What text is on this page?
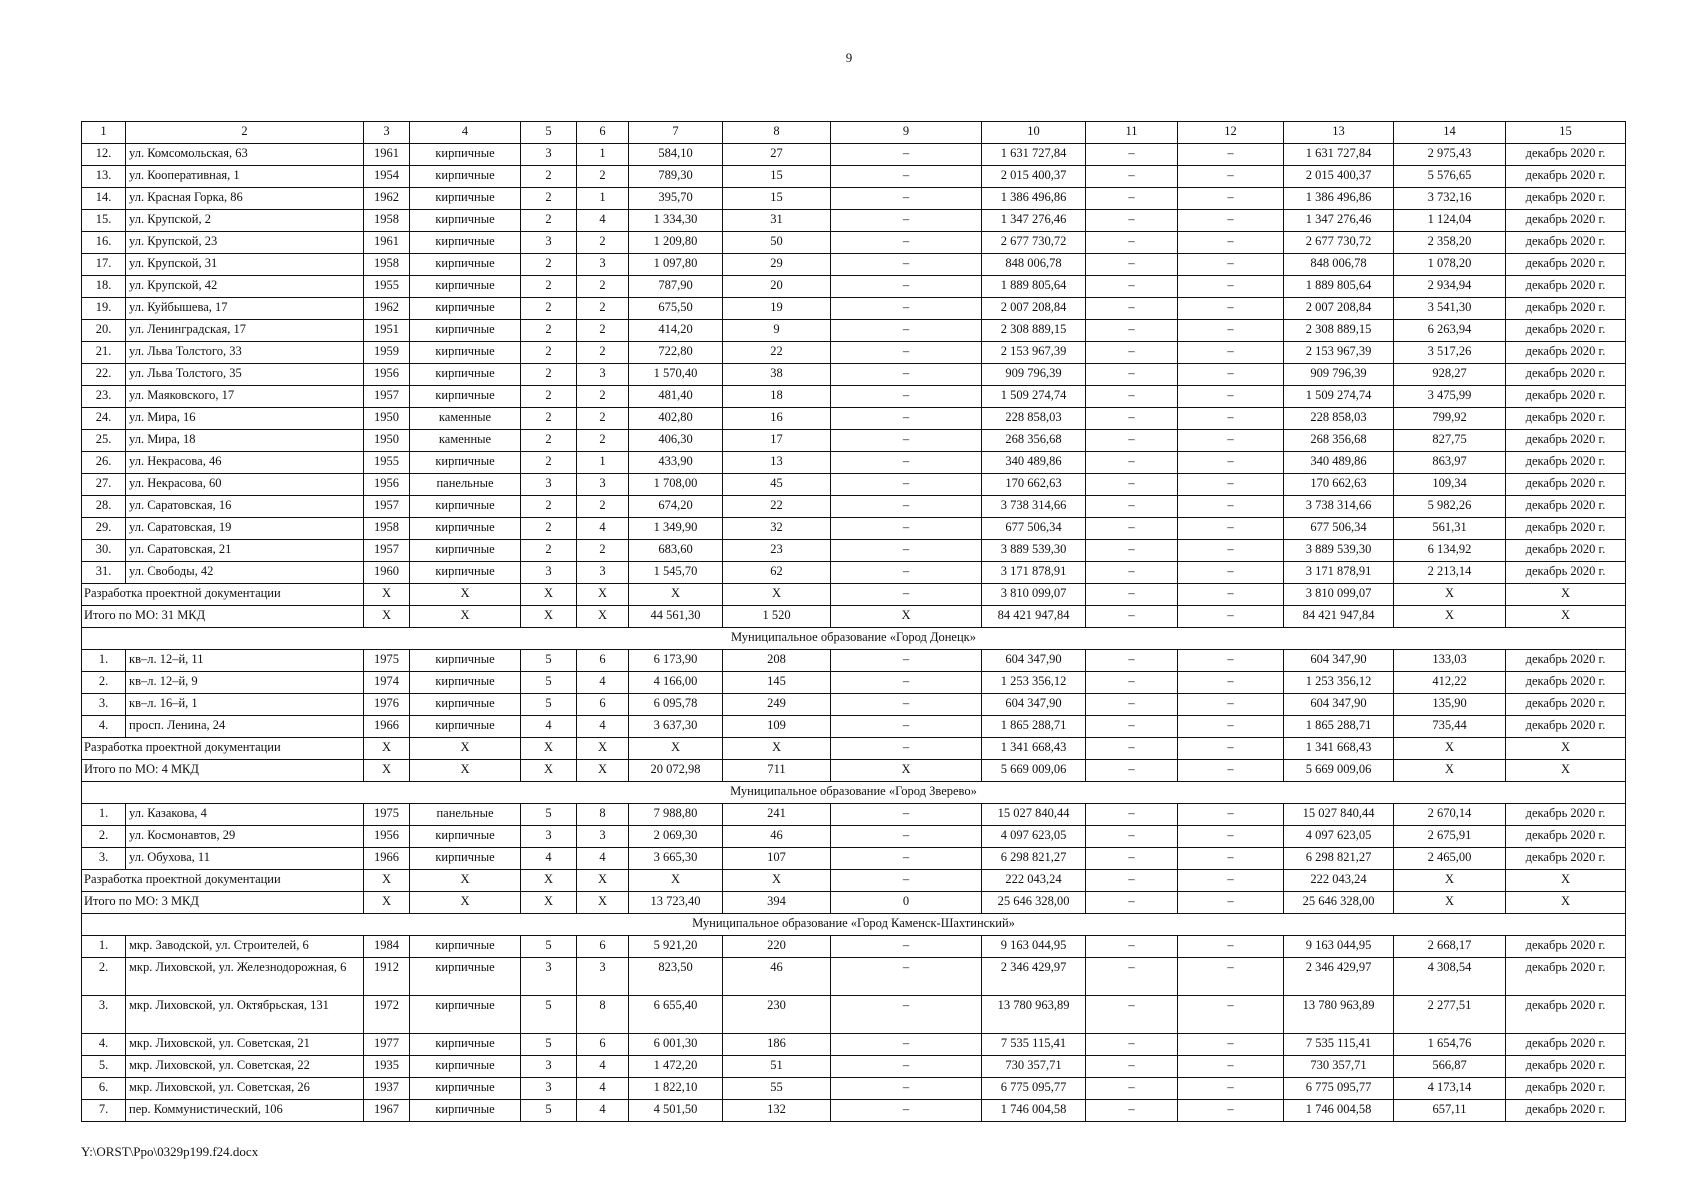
9
1	2	3	4	5	6	7	8	9	10	11	12	13	14	15
12.	ул. Комсомольская, 63	1961	кирпичные	3	1	584,10	27	–	1 631 727,84	–	–	1 631 727,84	2 975,43	декабрь 2020 г.
13.	ул. Кооперативная, 1	1954	кирпичные	2	2	789,30	15	–	2 015 400,37	–	–	2 015 400,37	5 576,65	декабрь 2020 г.
14.	ул. Красная Горка, 86	1962	кирпичные	2	1	395,70	15	–	1 386 496,86	–	–	1 386 496,86	3 732,16	декабрь 2020 г.
15.	ул. Крупской, 2	1958	кирпичные	2	4	1 334,30	31	–	1 347 276,46	–	–	1 347 276,46	1 124,04	декабрь 2020 г.
16.	ул. Крупской, 23	1961	кирпичные	3	2	1 209,80	50	–	2 677 730,72	–	–	2 677 730,72	2 358,20	декабрь 2020 г.
17.	ул. Крупской, 31	1958	кирпичные	2	3	1 097,80	29	–	848 006,78	–	–	848 006,78	1 078,20	декабрь 2020 г.
18.	ул. Крупской, 42	1955	кирпичные	2	2	787,90	20	–	1 889 805,64	–	–	1 889 805,64	2 934,94	декабрь 2020 г.
19.	ул. Куйбышева, 17	1962	кирпичные	2	2	675,50	19	–	2 007 208,84	–	–	2 007 208,84	3 541,30	декабрь 2020 г.
20.	ул. Ленинградская, 17	1951	кирпичные	2	2	414,20	9	–	2 308 889,15	–	–	2 308 889,15	6 263,94	декабрь 2020 г.
21.	ул. Льва Толстого, 33	1959	кирпичные	2	2	722,80	22	–	2 153 967,39	–	–	2 153 967,39	3 517,26	декабрь 2020 г.
22.	ул. Льва Толстого, 35	1956	кирпичные	2	3	1 570,40	38	–	909 796,39	–	–	909 796,39	928,27	декабрь 2020 г.
23.	ул. Маяковского, 17	1957	кирпичные	2	2	481,40	18	–	1 509 274,74	–	–	1 509 274,74	3 475,99	декабрь 2020 г.
24.	ул. Мира, 16	1950	каменные	2	2	402,80	16	–	228 858,03	–	–	228 858,03	799,92	декабрь 2020 г.
25.	ул. Мира, 18	1950	каменные	2	2	406,30	17	–	268 356,68	–	–	268 356,68	827,75	декабрь 2020 г.
26.	ул. Некрасова, 46	1955	кирпичные	2	1	433,90	13	–	340 489,86	–	–	340 489,86	863,97	декабрь 2020 г.
27.	ул. Некрасова, 60	1956	панельные	3	3	1 708,00	45	–	170 662,63	–	–	170 662,63	109,34	декабрь 2020 г.
28.	ул. Саратовская, 16	1957	кирпичные	2	2	674,20	22	–	3 738 314,66	–	–	3 738 314,66	5 982,26	декабрь 2020 г.
29.	ул. Саратовская, 19	1958	кирпичные	2	4	1 349,90	32	–	677 506,34	–	–	677 506,34	561,31	декабрь 2020 г.
30.	ул. Саратовская, 21	1957	кирпичные	2	2	683,60	23	–	3 889 539,30	–	–	3 889 539,30	6 134,92	декабрь 2020 г.
31.	ул. Свободы, 42	1960	кирпичные	3	3	1 545,70	62	–	3 171 878,91	–	–	3 171 878,91	2 213,14	декабрь 2020 г.
Разработка проектной документации		X	X	X	X	X	X	–	3 810 099,07	–	–	3 810 099,07	X	X
Итого по МО: 31 МКД		X	X	X	X	44 561,30	1 520	X	84 421 947,84	–	–	84 421 947,84	X	X
Муниципальное образование «Город Донецк»														
1.	кв–л. 12–й, 11	1975	кирпичные	5	6	6 173,90	208	–	604 347,90	–	–	604 347,90	133,03	декабрь 2020 г.
2.	кв–л. 12–й, 9	1974	кирпичные	5	4	4 166,00	145	–	1 253 356,12	–	–	1 253 356,12	412,22	декабрь 2020 г.
3.	кв–л. 16–й, 1	1976	кирпичные	5	6	6 095,78	249	–	604 347,90	–	–	604 347,90	135,90	декабрь 2020 г.
4.	просп. Ленина, 24	1966	кирпичные	4	4	3 637,30	109	–	1 865 288,71	–	–	1 865 288,71	735,44	декабрь 2020 г.
Разработка проектной документации		X	X	X	X	X	X	–	1 341 668,43	–	–	1 341 668,43	X	X
Итого по МО: 4 МКД		X	X	X	X	20 072,98	711	X	5 669 009,06	–	–	5 669 009,06	X	X
Муниципальное образование «Город Зверево»														
1.	ул. Казакова, 4	1975	панельные	5	8	7 988,80	241	–	15 027 840,44	–	–	15 027 840,44	2 670,14	декабрь 2020 г.
2.	ул. Космонавтов, 29	1956	кирпичные	3	3	2 069,30	46	–	4 097 623,05	–	–	4 097 623,05	2 675,91	декабрь 2020 г.
3.	ул. Обухова, 11	1966	кирпичные	4	4	3 665,30	107	–	6 298 821,27	–	–	6 298 821,27	2 465,00	декабрь 2020 г.
Разработка проектной документации		X	X	X	X	X	X	–	222 043,24	–	–	222 043,24	X	X
Итого по МО: 3 МКД		X	X	X	X	13 723,40	394	0	25 646 328,00	–	–	25 646 328,00	X	X
Муниципальное образование «Город Каменск-Шахтинский»														
1.	мкр. Заводской, ул. Строителей, 6	1984	кирпичные	5	6	5 921,20	220	–	9 163 044,95	–	–	9 163 044,95	2 668,17	декабрь 2020 г.
2.	мкр. Лиховской, ул. Железнодорожная, 6	1912	кирпичные	3	3	823,50	46	–	2 346 429,97	–	–	2 346 429,97	4 308,54	декабрь 2020 г.
3.	мкр. Лиховской, ул. Октябрьская, 131	1972	кирпичные	5	8	6 655,40	230	–	13 780 963,89	–	–	13 780 963,89	2 277,51	декабрь 2020 г.
4.	мкр. Лиховской, ул. Советская, 21	1977	кирпичные	5	6	6 001,30	186	–	7 535 115,41	–	–	7 535 115,41	1 654,76	декабрь 2020 г.
5.	мкр. Лиховской, ул. Советская, 22	1935	кирпичные	3	4	1 472,20	51	–	730 357,71	–	–	730 357,71	566,87	декабрь 2020 г.
6.	мкр. Лиховской, ул. Советская, 26	1937	кирпичные	3	4	1 822,10	55	–	6 775 095,77	–	–	6 775 095,77	4 173,14	декабрь 2020 г.
7.	пер. Коммунистический, 106	1967	кирпичные	5	4	4 501,50	132	–	1 746 004,58	–	–	1 746 004,58	657,11	декабрь 2020 г.
Y:\ORST\Ppo\0329p199.f24.docx
